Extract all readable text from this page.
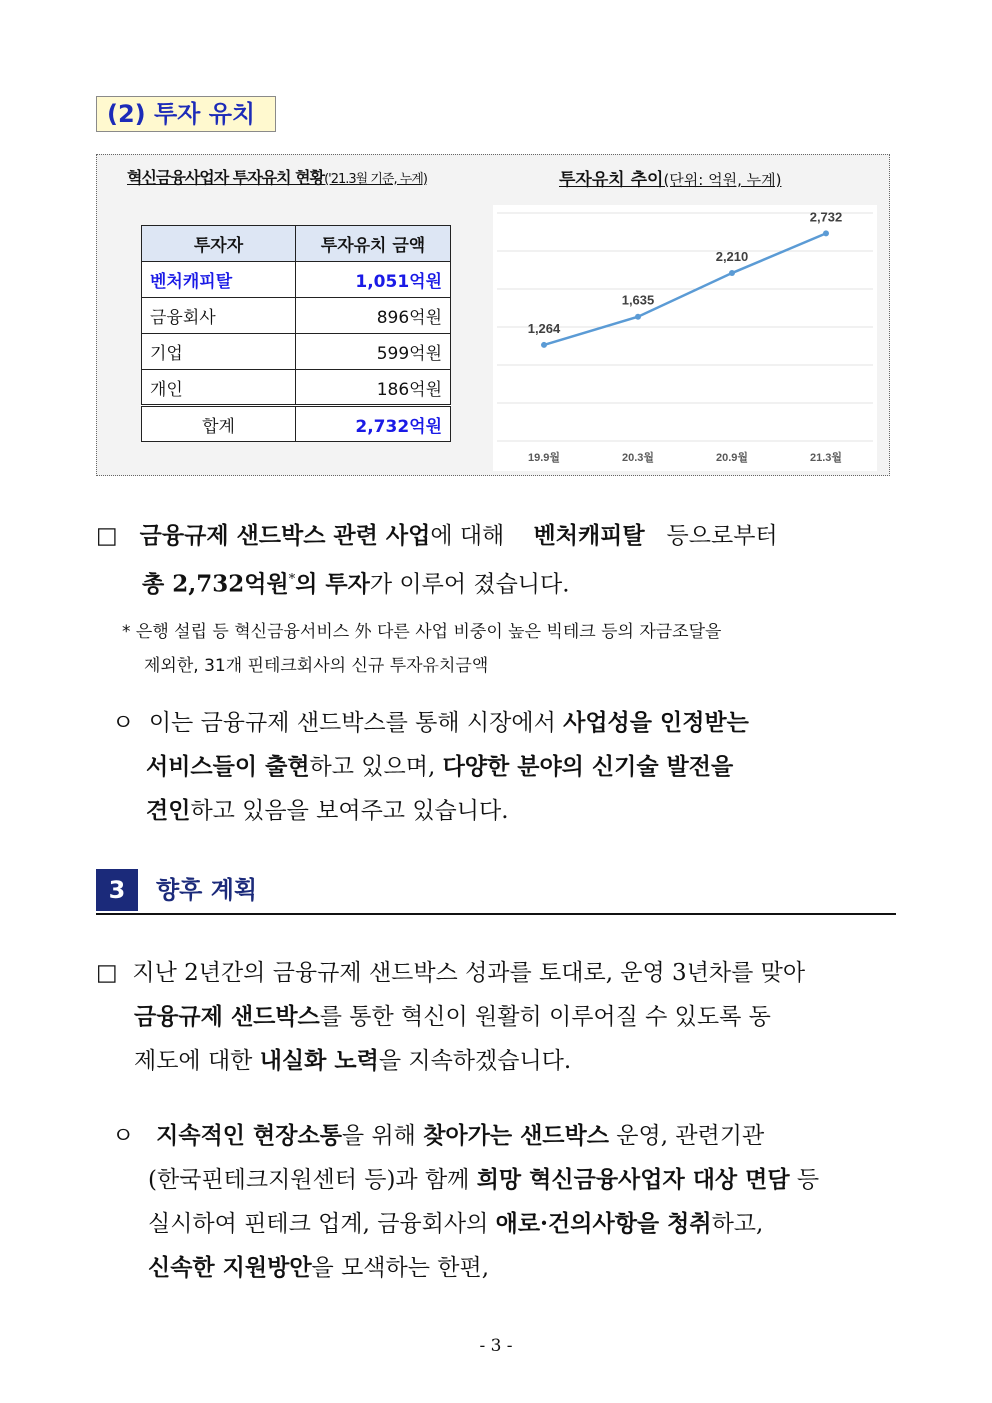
(2) 투자 유치
혁신금융사업자 투자유치 현황('21.3월 기준, 누계)	투자유치 추이(단위: 억원, 누계)
투자자	투자유치 금액
벤처캐피탈	1,051억원
금융회사	896억원
기업	599억원
개인	186억원
합계	2,732억원
1,264
1,635
2,210
2,732
19.9월	20.3월	20.9월	21.3월
□ 금융규제 샌드박스 관련 사업에 대해    벤처캐피탈   등으로부터
총 2,732억원*의 투자가 이루어 졌습니다.
* 은행 설립 등 혁신금융서비스 外 다른 사업 비중이 높은 빅테크 등의 자금조달을
제외한, 31개 핀테크회사의 신규 투자유치금액
ㅇ 이는 금융규제 샌드박스를 통해 시장에서 사업성을 인정받는
서비스들이 출현하고 있으며, 다양한 분야의 신기술 발전을
견인하고 있음을 보여주고 있습니다.
3	향후 계획
□ 지난 2년간의 금융규제 샌드박스 성과를 토대로, 운영 3년차를 맞아
금융규제 샌드박스를 통한 혁신이 원활히 이루어질 수 있도록 동
제도에 대한 내실화 노력을 지속하겠습니다.
ㅇ 지속적인 현장소통을 위해 찾아가는 샌드박스 운영, 관련기관
(한국핀테크지원센터 등)과 함께 희망 혁신금융사업자 대상 면담 등
실시하여 핀테크 업계, 금융회사의 애로·건의사항을 청취하고,
신속한 지원방안을 모색하는 한편,
- 3 -
